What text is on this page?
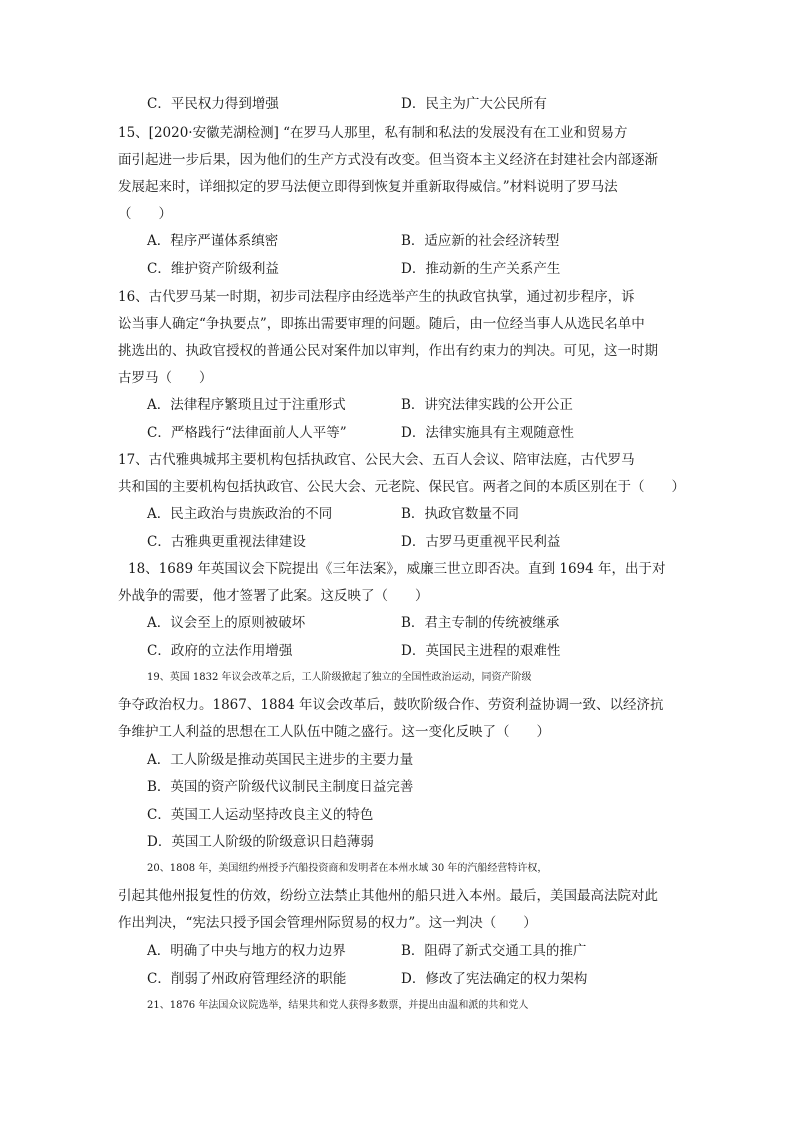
C．平民权力得到增强	D．民主为广大公民所有
15、[2020·安徽芜湖检测] “在罗马人那里，私有制和私法的发展没有在工业和贸易方
面引起进一步后果，因为他们的生产方式没有改变。但当资本主义经济在封建社会内部逐渐
发展起来时，详细拟定的罗马法便立即得到恢复并重新取得威信。”材料说明了罗马法
（　　）
A．程序严谨体系缜密	B．适应新的社会经济转型
C．维护资产阶级利益	D．推动新的生产关系产生
16、古代罗马某一时期，初步司法程序由经选举产生的执政官执掌，通过初步程序，诉
讼当事人确定“争执要点”，即拣出需要审理的问题。随后，由一位经当事人从选民名单中
挑选出的、执政官授权的普通公民对案件加以审判，作出有约束力的判决。可见，这一时期
古罗马（　　）
A．法律程序繁琐且过于注重形式	B．讲究法律实践的公开公正
C．严格践行“法律面前人人平等”	D．法律实施具有主观随意性
17、古代雅典城邦主要机构包括执政官、公民大会、五百人会议、陪审法庭，古代罗马
共和国的主要机构包括执政官、公民大会、元老院、保民官。两者之间的本质区别在于（　　）
A．民主政治与贵族政治的不同	B．执政官数量不同
C．古雅典更重视法律建设	D．古罗马更重视平民利益
18、1689 年英国议会下院提出《三年法案》，威廉三世立即否决。直到 1694 年，出于对
外战争的需要，他才签署了此案。这反映了（　　）
A．议会至上的原则被破坏	B．君主专制的传统被继承
C．政府的立法作用增强	D．英国民主进程的艰难性
19、英国 1832 年议会改革之后，工人阶级掀起了独立的全国性政治运动，同资产阶级
争夺政治权力。1867、1884 年议会改革后，鼓吹阶级合作、劳资利益协调一致、以经济抗
争维护工人利益的思想在工人队伍中随之盛行。这一变化反映了（　　）
A．工人阶级是推动英国民主进步的主要力量
B．英国的资产阶级代议制民主制度日益完善
C．英国工人运动坚持改良主义的特色
D．英国工人阶级的阶级意识日趋薄弱
20、1808 年，美国纽约州授予汽船投资商和发明者在本州水域 30 年的汽船经营特许权，
引起其他州报复性的仿效，纷纷立法禁止其他州的船只进入本州。最后，美国最高法院对此
作出判决，“宪法只授予国会管理州际贸易的权力”。这一判决（　　）
A．明确了中央与地方的权力边界	B．阻碍了新式交通工具的推广
C．削弱了州政府管理经济的职能	D．修改了宪法确定的权力架构
21、1876 年法国众议院选举，结果共和党人获得多数票，并提出由温和派的共和党人
